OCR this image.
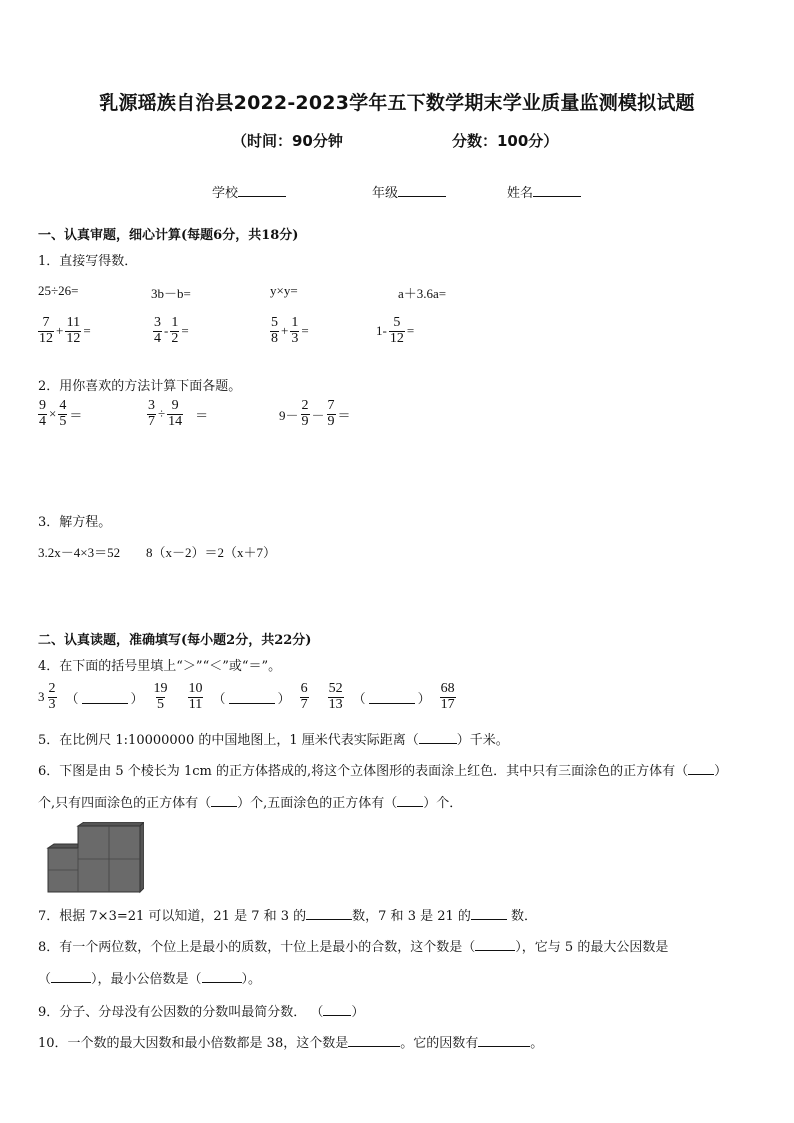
乳源瑶族自治县2022-2023学年五下数学期末学业质量监测模拟试题
（时间：90分钟	分数：100分）
学校	年级	姓名
一、认真审题，细心计算(每题6分，共18分)
1．直接写得数．
25÷26=	3b－b=	y×y=	a＋3.6a=
$\frac{7}{12} + \frac{11}{12}$ =	$\frac{3}{4} - \frac{1}{2}$ =	$\frac{5}{8} + \frac{1}{3}$ =	$1- \frac{5}{12}$ =
2．用你喜欢的方法计算下面各题。
$\frac{9}{4} \times \frac{4}{5}$ ＝	$\frac{3}{7} \div \frac{9}{14}$ ＝	$9- \frac{2}{9} - \frac{7}{9}$ ＝
3．解方程。
3.2x－4×3＝52 8（x－2）＝2（x＋7）
二、认真读题，准确填写(每小题2分，共22分)
4．在下面的括号里填上“＞”“＜”或“＝”。
$3 \frac{2}{3}$ （	） $\frac{19}{5} \frac{10}{11}$ （	） $\frac{6}{7} \frac{52}{13}$ （	） $\frac{68}{17}$
5．在比例尺 1:10000000 的中国地图上，1 厘米代表实际距离（	）千米。
6．下图是由 5 个棱长为 1cm 的正方体搭成的,将这个立体图形的表面涂上红色．其中只有三面涂色的正方体有（ ）
个,只有四面涂色的正方体有（ ）个,五面涂色的正方体有（ ）个．
7．根据 7×3=21 可以知道，21 是 7 和 3 的	数，7 和 3 是 21 的	数．
8．有一个两位数，个位上是最小的质数，十位上是最小的合数，这个数是（	），它与 5 的最大公因数是
（	），最小公倍数是（	）。
9．分子、分母没有公因数的分数叫最简分数． （ ）
10．一个数的最大因数和最小倍数都是 38，这个数是	。它的因数有	。
